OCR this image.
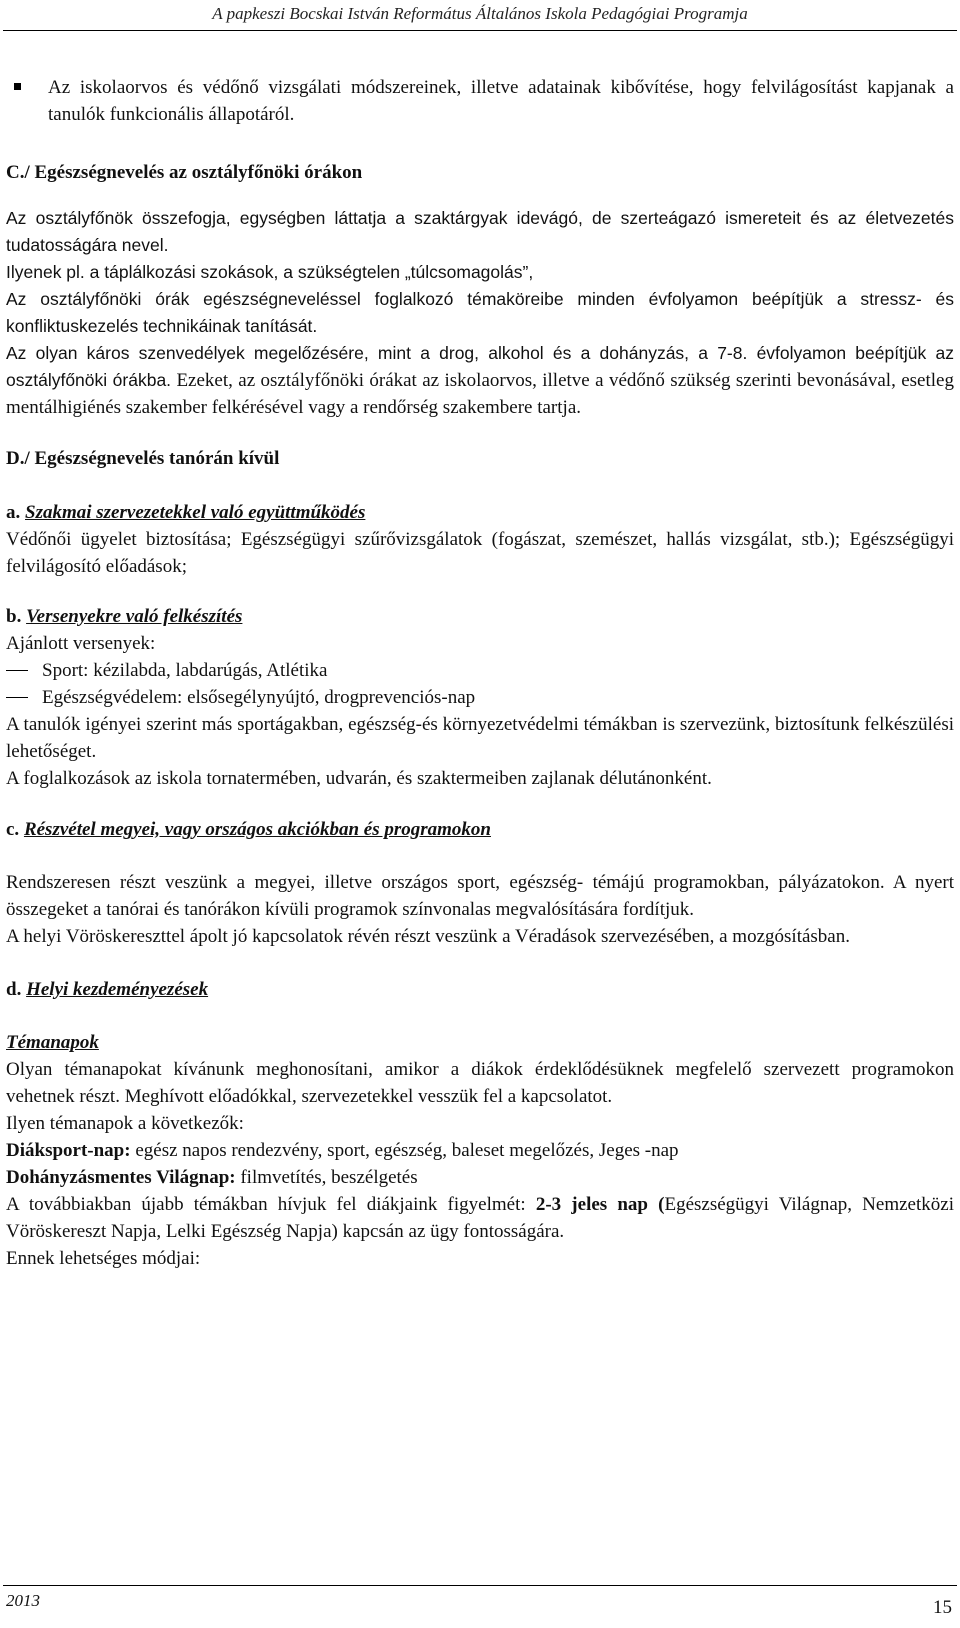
A papkeszi Bocskai István Református Általános Iskola Pedagógiai Programja
Az iskolaorvos és védőnő vizsgálati módszereinek, illetve adatainak kibővítése, hogy felvilágosítást kapjanak a tanulók funkcionális állapotáról.

C./ Egészségnevelés az osztályfőnöki órákon

Az osztályfőnök összefogja, egységben láttatja a szaktárgyak idevágó, de szerteágazó ismereteit és az életvezetés tudatosságára nevel.

Ilyenek pl. a táplálkozási szokások, a szükségtelen „túlcsomagolás”,

Az osztályfőnöki órák egészségneveléssel foglalkozó témaköreibe minden évfolyamon beépítjük a stressz- és konfliktuskezelés technikáinak tanítását.

Az olyan káros szenvedélyek megelőzésére, mint a drog, alkohol és a dohányzás, a 7-8. évfolyamon beépítjük az osztályfőnöki órákba. Ezeket, az osztályfőnöki órákat az iskolaorvos, illetve a védőnő szükség szerinti bevonásával, esetleg mentálhigiénés szakember felkérésével vagy a rendőrség szakembere tartja.

D./ Egészségnevelés tanórán kívül

a. Szakmai szervezetekkel való együttműködés

Védőnői ügyelet biztosítása; Egészségügyi szűrővizsgálatok (fogászat, szemészet, hallás vizsgálat, stb.); Egészségügyi felvilágosító előadások;

b. Versenyekre való felkészítés

Ajánlott versenyek:

Sport: kézilabda, labdarúgás, Atlétika
Egészségvédelem: elsősegélynyújtó, drogprevenciós-nap

A tanulók igényei szerint más sportágakban, egészség-és környezetvédelmi témákban is szervezünk, biztosítunk felkészülési lehetőséget.

A foglalkozások az iskola tornatermében, udvarán, és szaktermeiben zajlanak délutánonként.

c. Részvétel megyei, vagy országos akciókban és programokon

Rendszeresen részt veszünk a megyei, illetve országos sport, egészség- témájú programokban, pályázatokon. A nyert összegeket a tanórai és tanórákon kívüli programok színvonalas megvalósítására fordítjuk.

A helyi Vöröskereszttel ápolt jó kapcsolatok révén részt veszünk a Véradások szervezésében, a mozgósításban.

d. Helyi kezdeményezések

Témanapok

Olyan témanapokat kívánunk meghonosítani, amikor a diákok érdeklődésüknek megfelelő szervezett programokon vehetnek részt. Meghívott előadókkal, szervezetekkel vesszük fel a kapcsolatot.

Ilyen témanapok a következők:

Diáksport-nap: egész napos rendezvény, sport, egészség, baleset megelőzés, Jeges -nap

Dohányzásmentes Világnap: filmvetítés, beszélgetés

A továbbiakban újabb témákban hívjuk fel diákjaink figyelmét: 2-3 jeles nap (Egészségügyi Világnap, Nemzetközi Vöröskereszt Napja, Lelki Egészség Napja) kapcsán az ügy fontosságára.

Ennek lehetséges módjai:

2013	15
